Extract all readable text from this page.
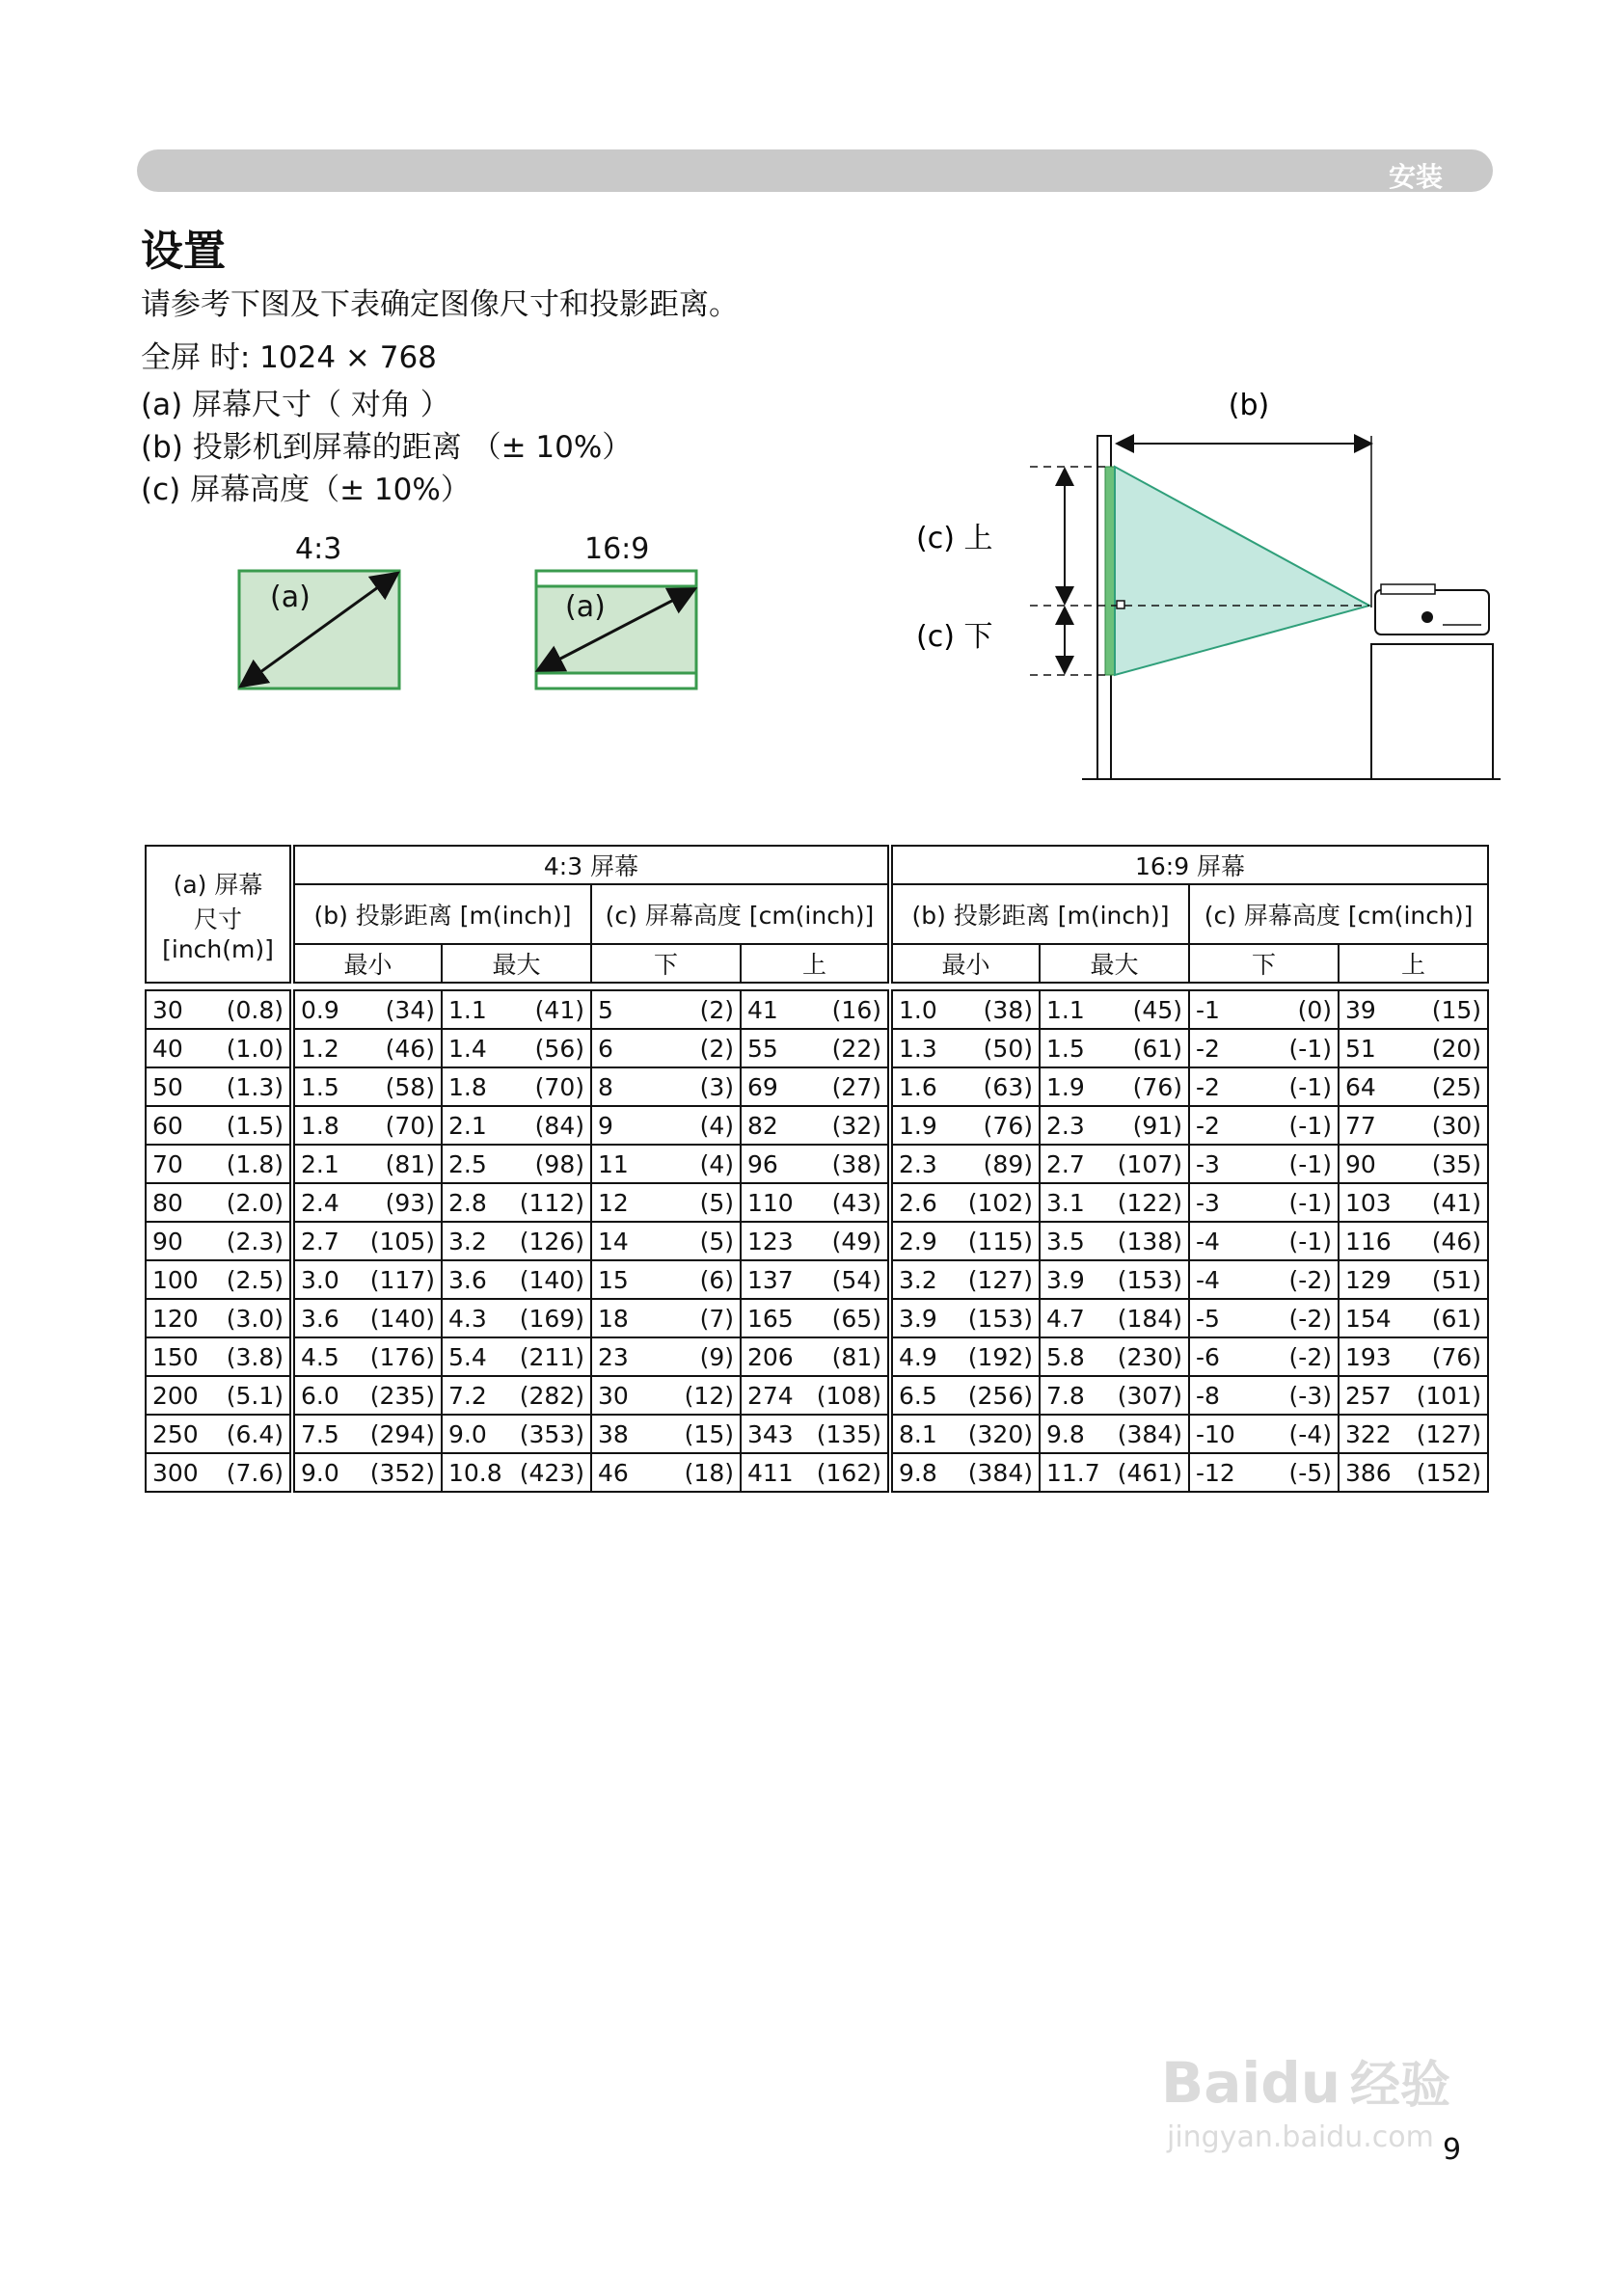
安装
设置
请参考下图及下表确定图像尺寸和投影距离。
全屏 时: 1024 × 768
(a) 屏幕尺寸（ 对角 ）
(b) 投影机到屏幕的距离 （± 10%）
(c) 屏幕高度（± 10%）
4:3
(a)
16:9
(a)
(b)
(c) 上
(c) 下
(a) 屏幕
尺寸
[inch(m)]	4:3 屏幕				16:9 屏幕			
	(b) 投影距离 [m(inch)]		(c) 屏幕高度 [cm(inch)]		(b) 投影距离 [m(inch)]		(c) 屏幕高度 [cm(inch)]	
	最小	最大	下	上	最小	最大	下	上

30 (0.8)	0.9 (34)	1.1 (41)	5 (2)	41 (16)	1.0 (38)	1.1 (45)	-1 (0)	39 (15)
40 (1.0)	1.2 (46)	1.4 (56)	6 (2)	55 (22)	1.3 (50)	1.5 (61)	-2 (-1)	51 (20)
50 (1.3)	1.5 (58)	1.8 (70)	8 (3)	69 (27)	1.6 (63)	1.9 (76)	-2 (-1)	64 (25)
60 (1.5)	1.8 (70)	2.1 (84)	9 (4)	82 (32)	1.9 (76)	2.3 (91)	-2 (-1)	77 (30)
70 (1.8)	2.1 (81)	2.5 (98)	11 (4)	96 (38)	2.3 (89)	2.7 (107)	-3 (-1)	90 (35)
80 (2.0)	2.4 (93)	2.8 (112)	12 (5)	110 (43)	2.6 (102)	3.1 (122)	-3 (-1)	103 (41)
90 (2.3)	2.7 (105)	3.2 (126)	14 (5)	123 (49)	2.9 (115)	3.5 (138)	-4 (-1)	116 (46)
100 (2.5)	3.0 (117)	3.6 (140)	15 (6)	137 (54)	3.2 (127)	3.9 (153)	-4 (-2)	129 (51)
120 (3.0)	3.6 (140)	4.3 (169)	18 (7)	165 (65)	3.9 (153)	4.7 (184)	-5 (-2)	154 (61)
150 (3.8)	4.5 (176)	5.4 (211)	23 (9)	206 (81)	4.9 (192)	5.8 (230)	-6 (-2)	193 (76)
200 (5.1)	6.0 (235)	7.2 (282)	30 (12)	274 (108)	6.5 (256)	7.8 (307)	-8 (-3)	257 (101)
250 (6.4)	7.5 (294)	9.0 (353)	38 (15)	343 (135)	8.1 (320)	9.8 (384)	-10 (-4)	322 (127)
300 (7.6)	9.0 (352)	10.8 (423)	46 (18)	411 (162)	9.8 (384)	11.7 (461)	-12 (-5)	386 (152)
9
Baidu 经验
jingyan.baidu.com
